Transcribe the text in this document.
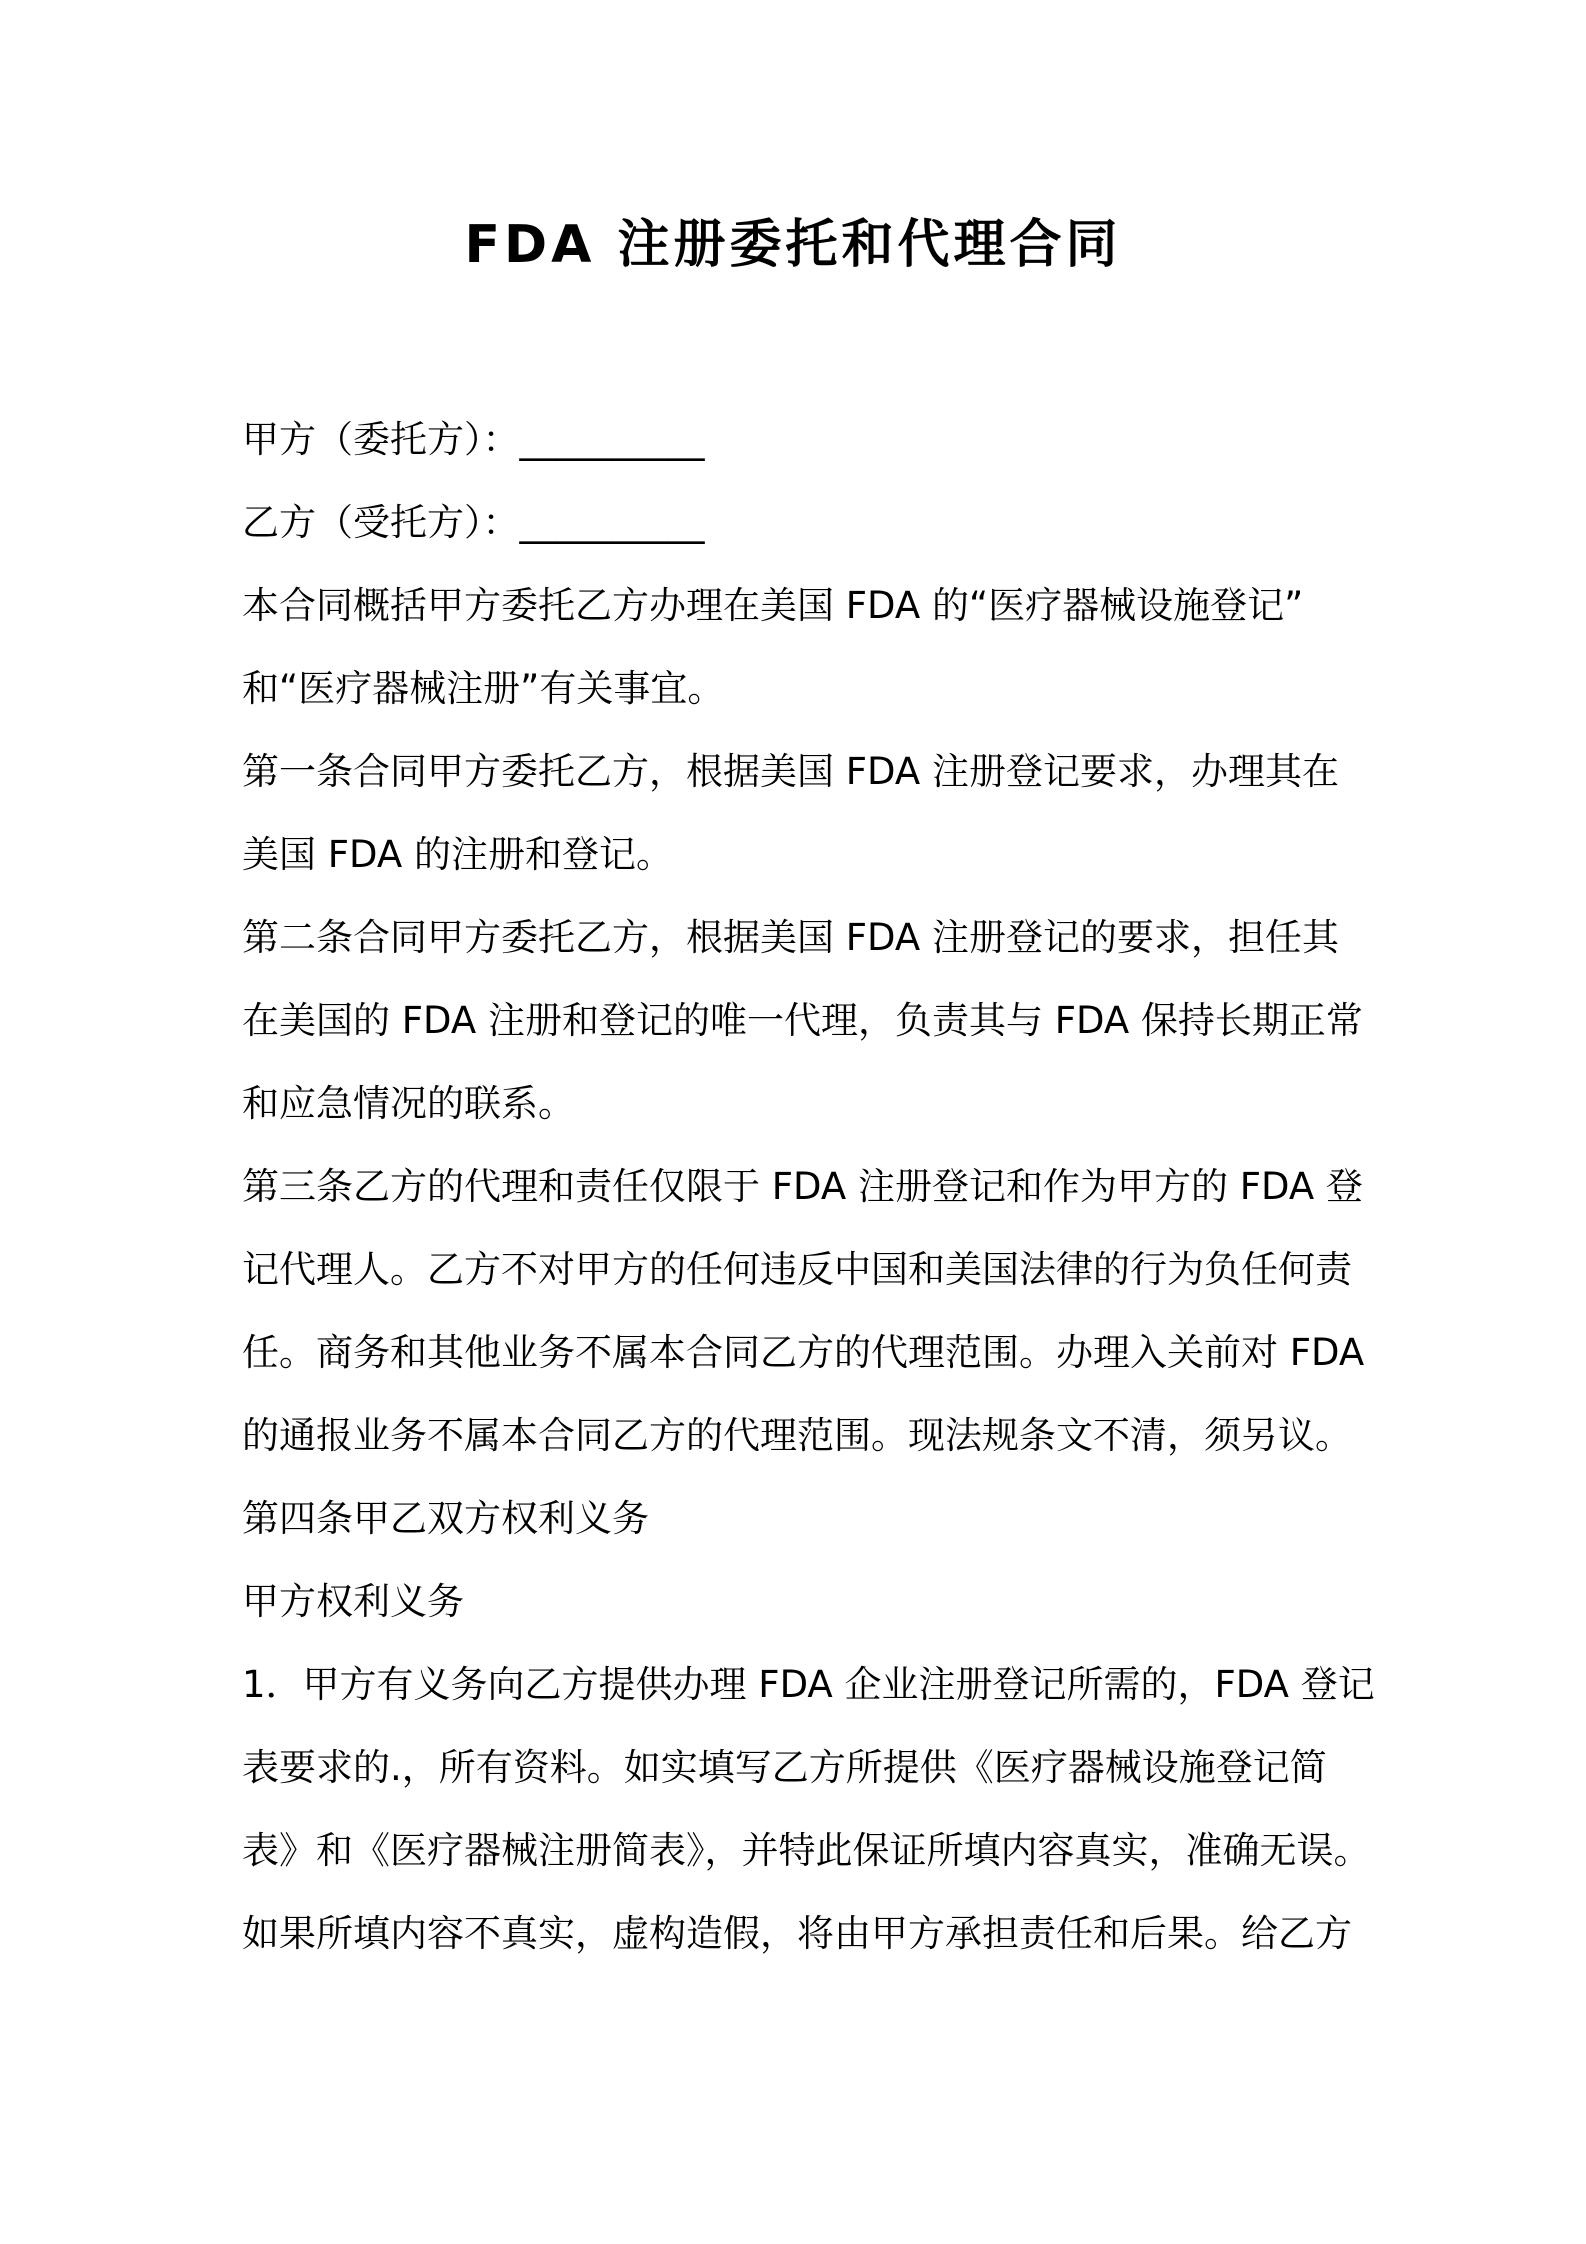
FDA 注册委托和代理合同
甲方（委托方）：__________
乙方（受托方）：__________
本合同概括甲方委托乙方办理在美国 FDA 的“医疗器械设施登记”
和“医疗器械注册”有关事宜。
第一条合同甲方委托乙方，根据美国 FDA 注册登记要求，办理其在
美国 FDA 的注册和登记。
第二条合同甲方委托乙方，根据美国 FDA 注册登记的要求，担任其
在美国的 FDA 注册和登记的唯一代理，负责其与 FDA 保持长期正常
和应急情况的联系。
第三条乙方的代理和责任仅限于 FDA 注册登记和作为甲方的 FDA 登
记代理人。乙方不对甲方的任何违反中国和美国法律的行为负任何责
任。商务和其他业务不属本合同乙方的代理范围。办理入关前对 FDA
的通报业务不属本合同乙方的代理范围。现法规条文不清，须另议。
第四条甲乙双方权利义务
甲方权利义务
1．甲方有义务向乙方提供办理 FDA 企业注册登记所需的，FDA 登记
表要求的.，所有资料。如实填写乙方所提供《医疗器械设施登记简
表》和《医疗器械注册简表》，并特此保证所填内容真实，准确无误。
如果所填内容不真实，虚构造假，将由甲方承担责任和后果。给乙方
